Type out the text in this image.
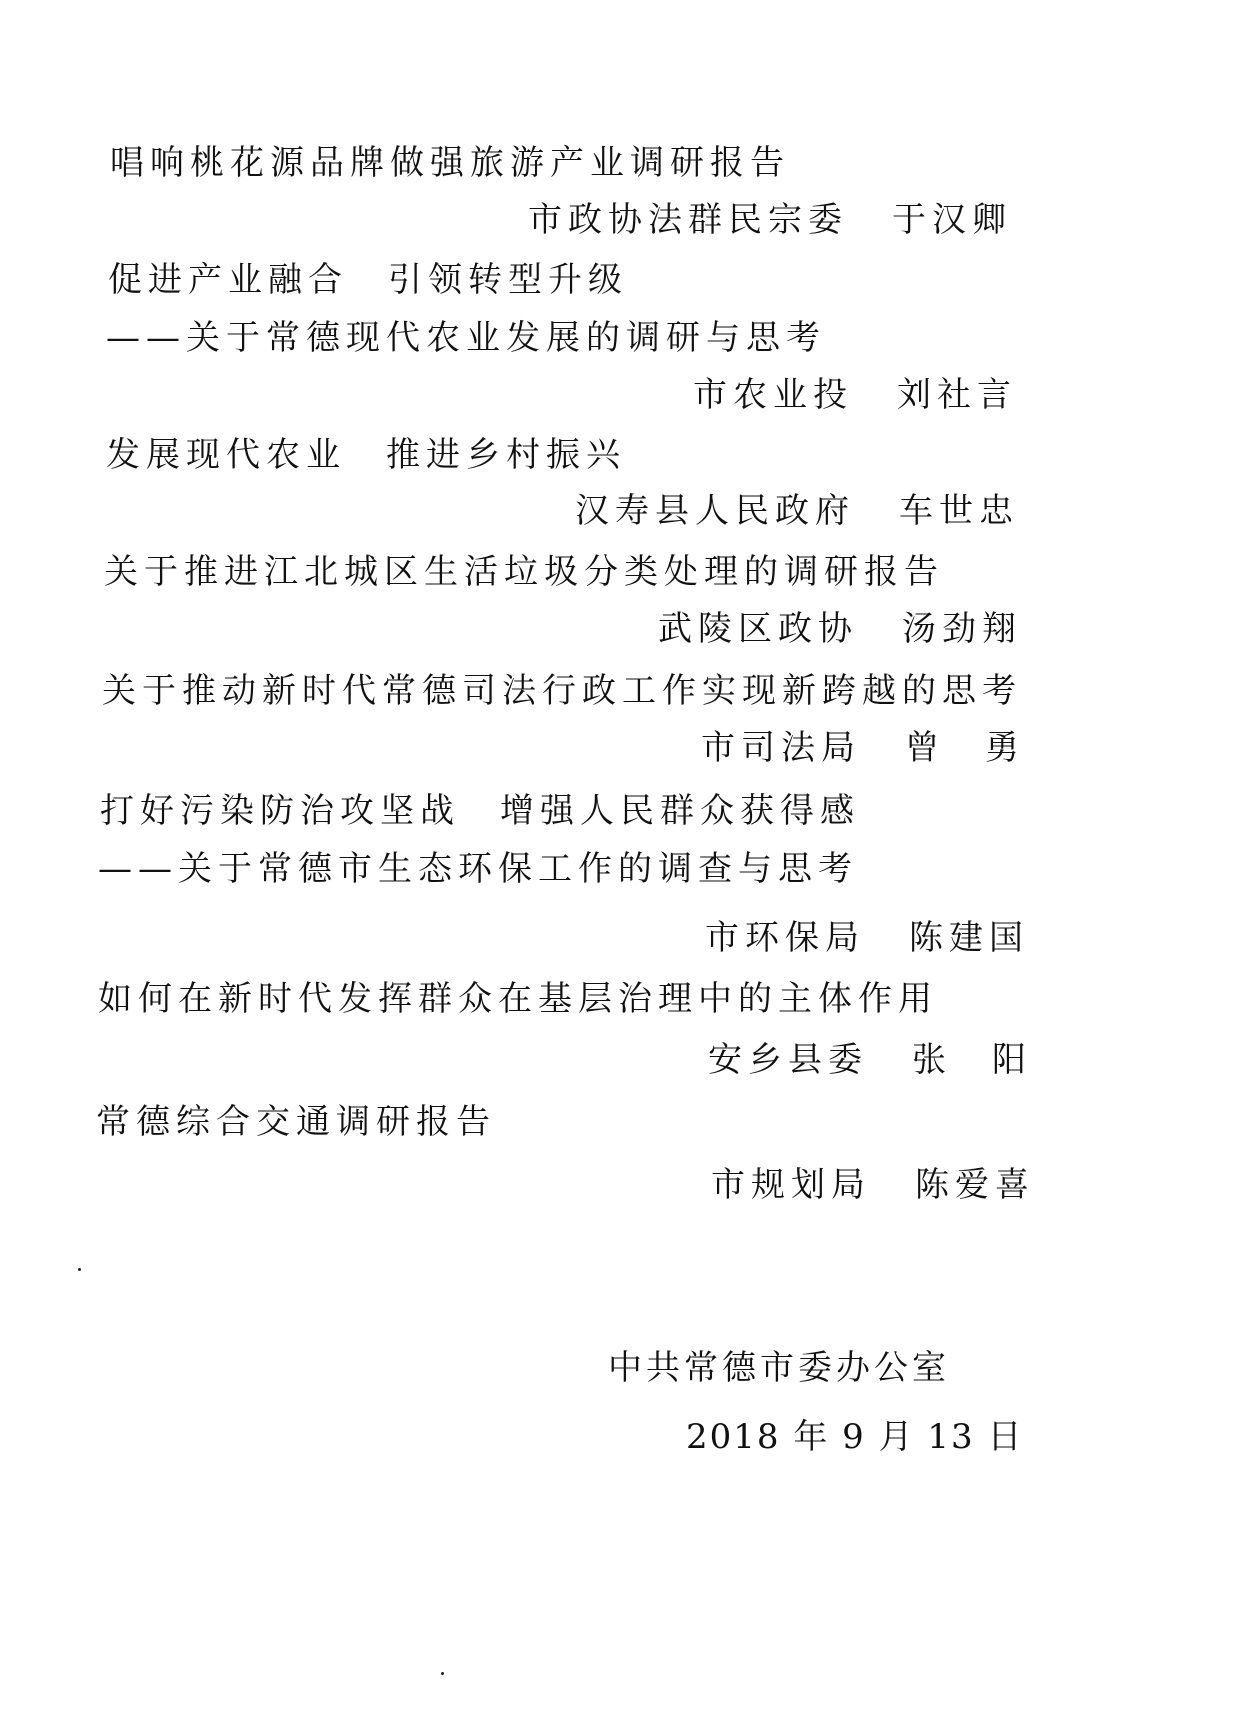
唱响桃花源品牌做强旅游产业调研报告
市政协法群民宗委 于汉卿
促进产业融合　引领转型升级
——关于常德现代农业发展的调研与思考
市农业投 刘社言
发展现代农业　推进乡村振兴
汉寿县人民政府 车世忠
关于推进江北城区生活垃圾分类处理的调研报告
武陵区政协 汤劲翔
关于推动新时代常德司法行政工作实现新跨越的思考
市司法局 曾　勇
打好污染防治攻坚战　增强人民群众获得感
——关于常德市生态环保工作的调查与思考
市环保局 陈建国
如何在新时代发挥群众在基层治理中的主体作用
安乡县委 张　阳
常德综合交通调研报告
市规划局 陈爱喜
中共常德市委办公室
2018 年 9 月 13 日
